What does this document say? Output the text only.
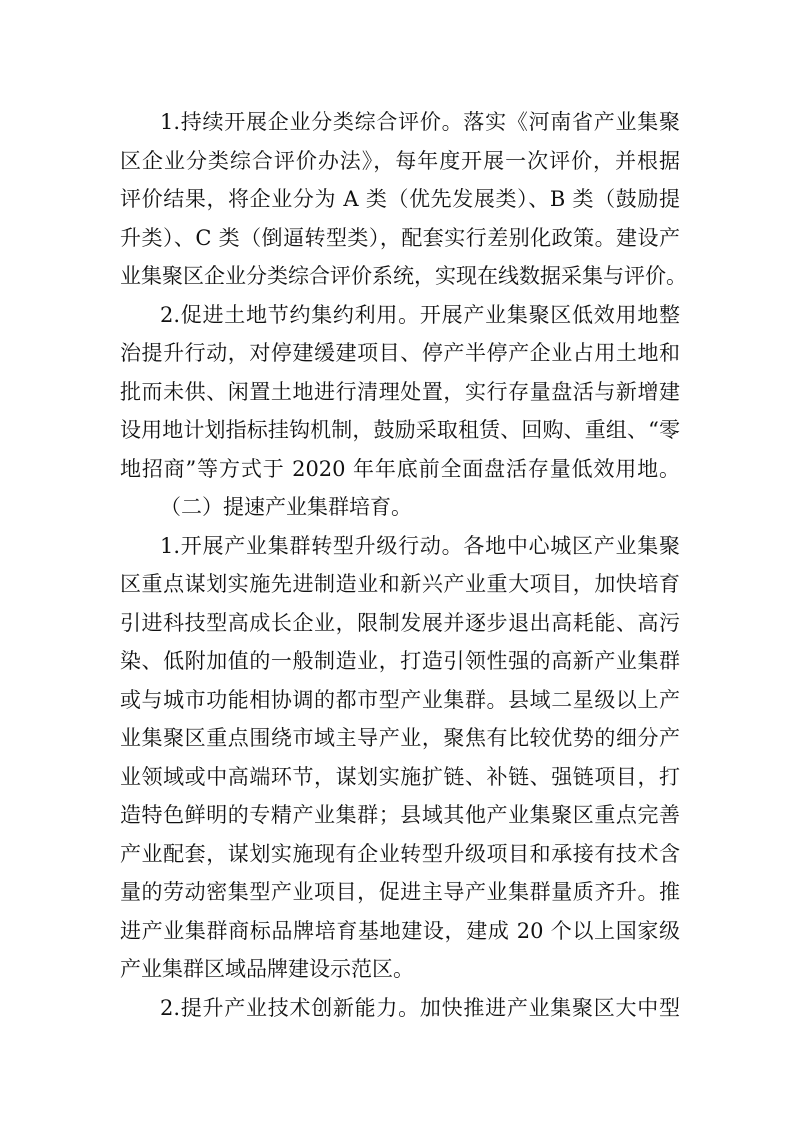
1.持续开展企业分类综合评价。落实《河南省产业集聚
区企业分类综合评价办法》，每年度开展一次评价，并根据
评价结果，将企业分为 A 类（优先发展类）、B 类（鼓励提
升类）、C 类（倒逼转型类），配套实行差别化政策。建设产
业集聚区企业分类综合评价系统，实现在线数据采集与评价。
2.促进土地节约集约利用。开展产业集聚区低效用地整
治提升行动，对停建缓建项目、停产半停产企业占用土地和
批而未供、闲置土地进行清理处置，实行存量盘活与新增建
设用地计划指标挂钩机制，鼓励采取租赁、回购、重组、“零
地招商”等方式于 2020 年年底前全面盘活存量低效用地。
（二）提速产业集群培育。
1.开展产业集群转型升级行动。各地中心城区产业集聚
区重点谋划实施先进制造业和新兴产业重大项目，加快培育
引进科技型高成长企业，限制发展并逐步退出高耗能、高污
染、低附加值的一般制造业，打造引领性强的高新产业集群
或与城市功能相协调的都市型产业集群。县域二星级以上产
业集聚区重点围绕市域主导产业，聚焦有比较优势的细分产
业领域或中高端环节，谋划实施扩链、补链、强链项目，打
造特色鲜明的专精产业集群；县域其他产业集聚区重点完善
产业配套，谋划实施现有企业转型升级项目和承接有技术含
量的劳动密集型产业项目，促进主导产业集群量质齐升。推
进产业集群商标品牌培育基地建设，建成 20 个以上国家级
产业集群区域品牌建设示范区。
2.提升产业技术创新能力。加快推进产业集聚区大中型
